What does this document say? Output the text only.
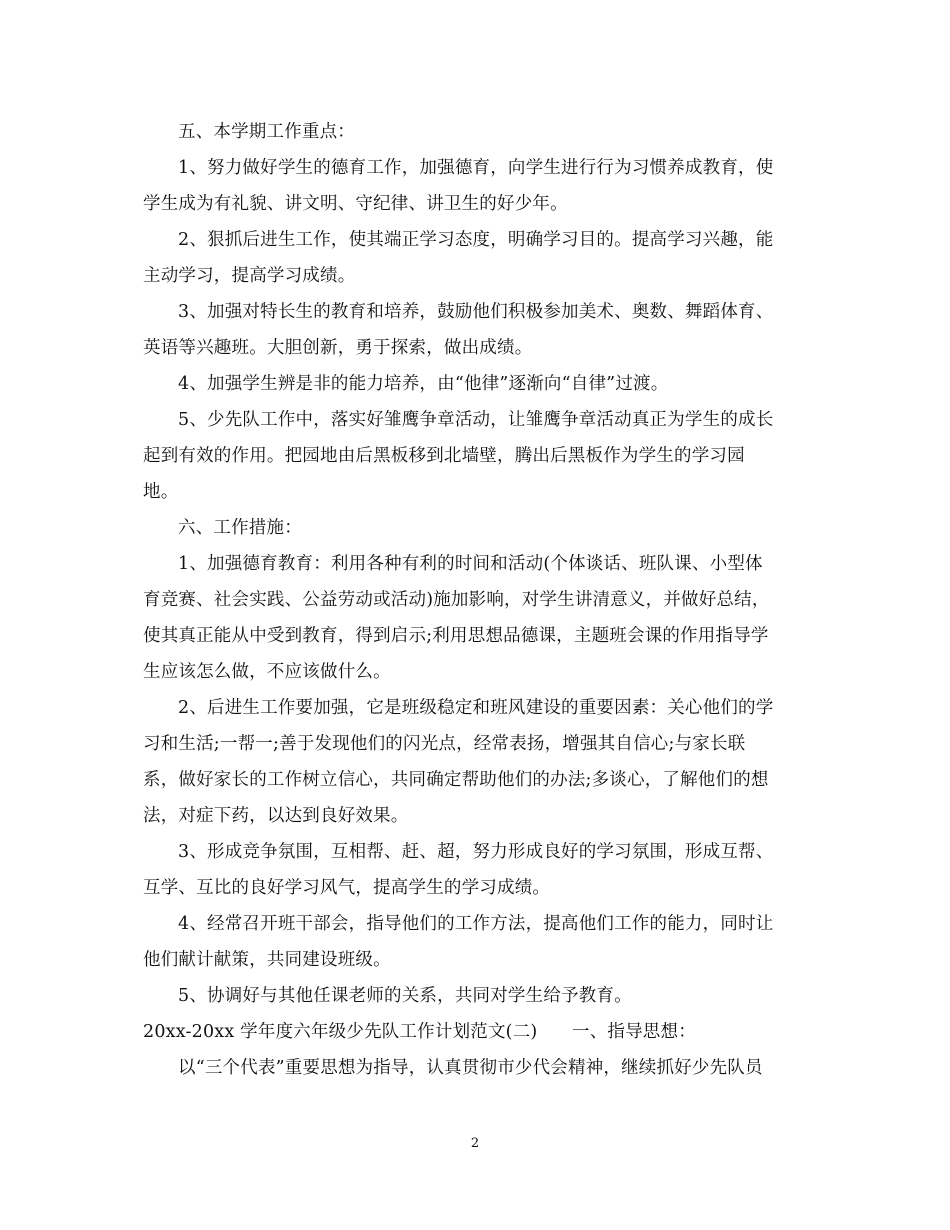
五、本学期工作重点：
1、努力做好学生的德育工作，加强德育，向学生进行行为习惯养成教育，使
学生成为有礼貌、讲文明、守纪律、讲卫生的好少年。
2、狠抓后进生工作，使其端正学习态度，明确学习目的。提高学习兴趣，能
主动学习，提高学习成绩。
3、加强对特长生的教育和培养，鼓励他们积极参加美术、奥数、舞蹈体育、
英语等兴趣班。大胆创新，勇于探索，做出成绩。
4、加强学生辨是非的能力培养，由“他律”逐渐向“自律”过渡。
5、少先队工作中，落实好雏鹰争章活动，让雏鹰争章活动真正为学生的成长
起到有效的作用。把园地由后黑板移到北墙壁，腾出后黑板作为学生的学习园
地。
六、工作措施：
1、加强德育教育：利用各种有利的时间和活动(个体谈话、班队课、小型体
育竞赛、社会实践、公益劳动或活动)施加影响，对学生讲清意义，并做好总结，
使其真正能从中受到教育，得到启示;利用思想品德课，主题班会课的作用指导学
生应该怎么做，不应该做什么。
2、后进生工作要加强，它是班级稳定和班风建设的重要因素：关心他们的学
习和生活;一帮一;善于发现他们的闪光点，经常表扬，增强其自信心;与家长联
系，做好家长的工作树立信心，共同确定帮助他们的办法;多谈心，了解他们的想
法，对症下药，以达到良好效果。
3、形成竞争氛围，互相帮、赶、超，努力形成良好的学习氛围，形成互帮、
互学、互比的良好学习风气，提高学生的学习成绩。
4、经常召开班干部会，指导他们的工作方法，提高他们工作的能力，同时让
他们献计献策，共同建设班级。
5、协调好与其他任课老师的关系，共同对学生给予教育。
20xx-20xx 学年度六年级少先队工作计划范文(二)      一、指导思想：
以“三个代表”重要思想为指导，认真贯彻市少代会精神，继续抓好少先队员
2
